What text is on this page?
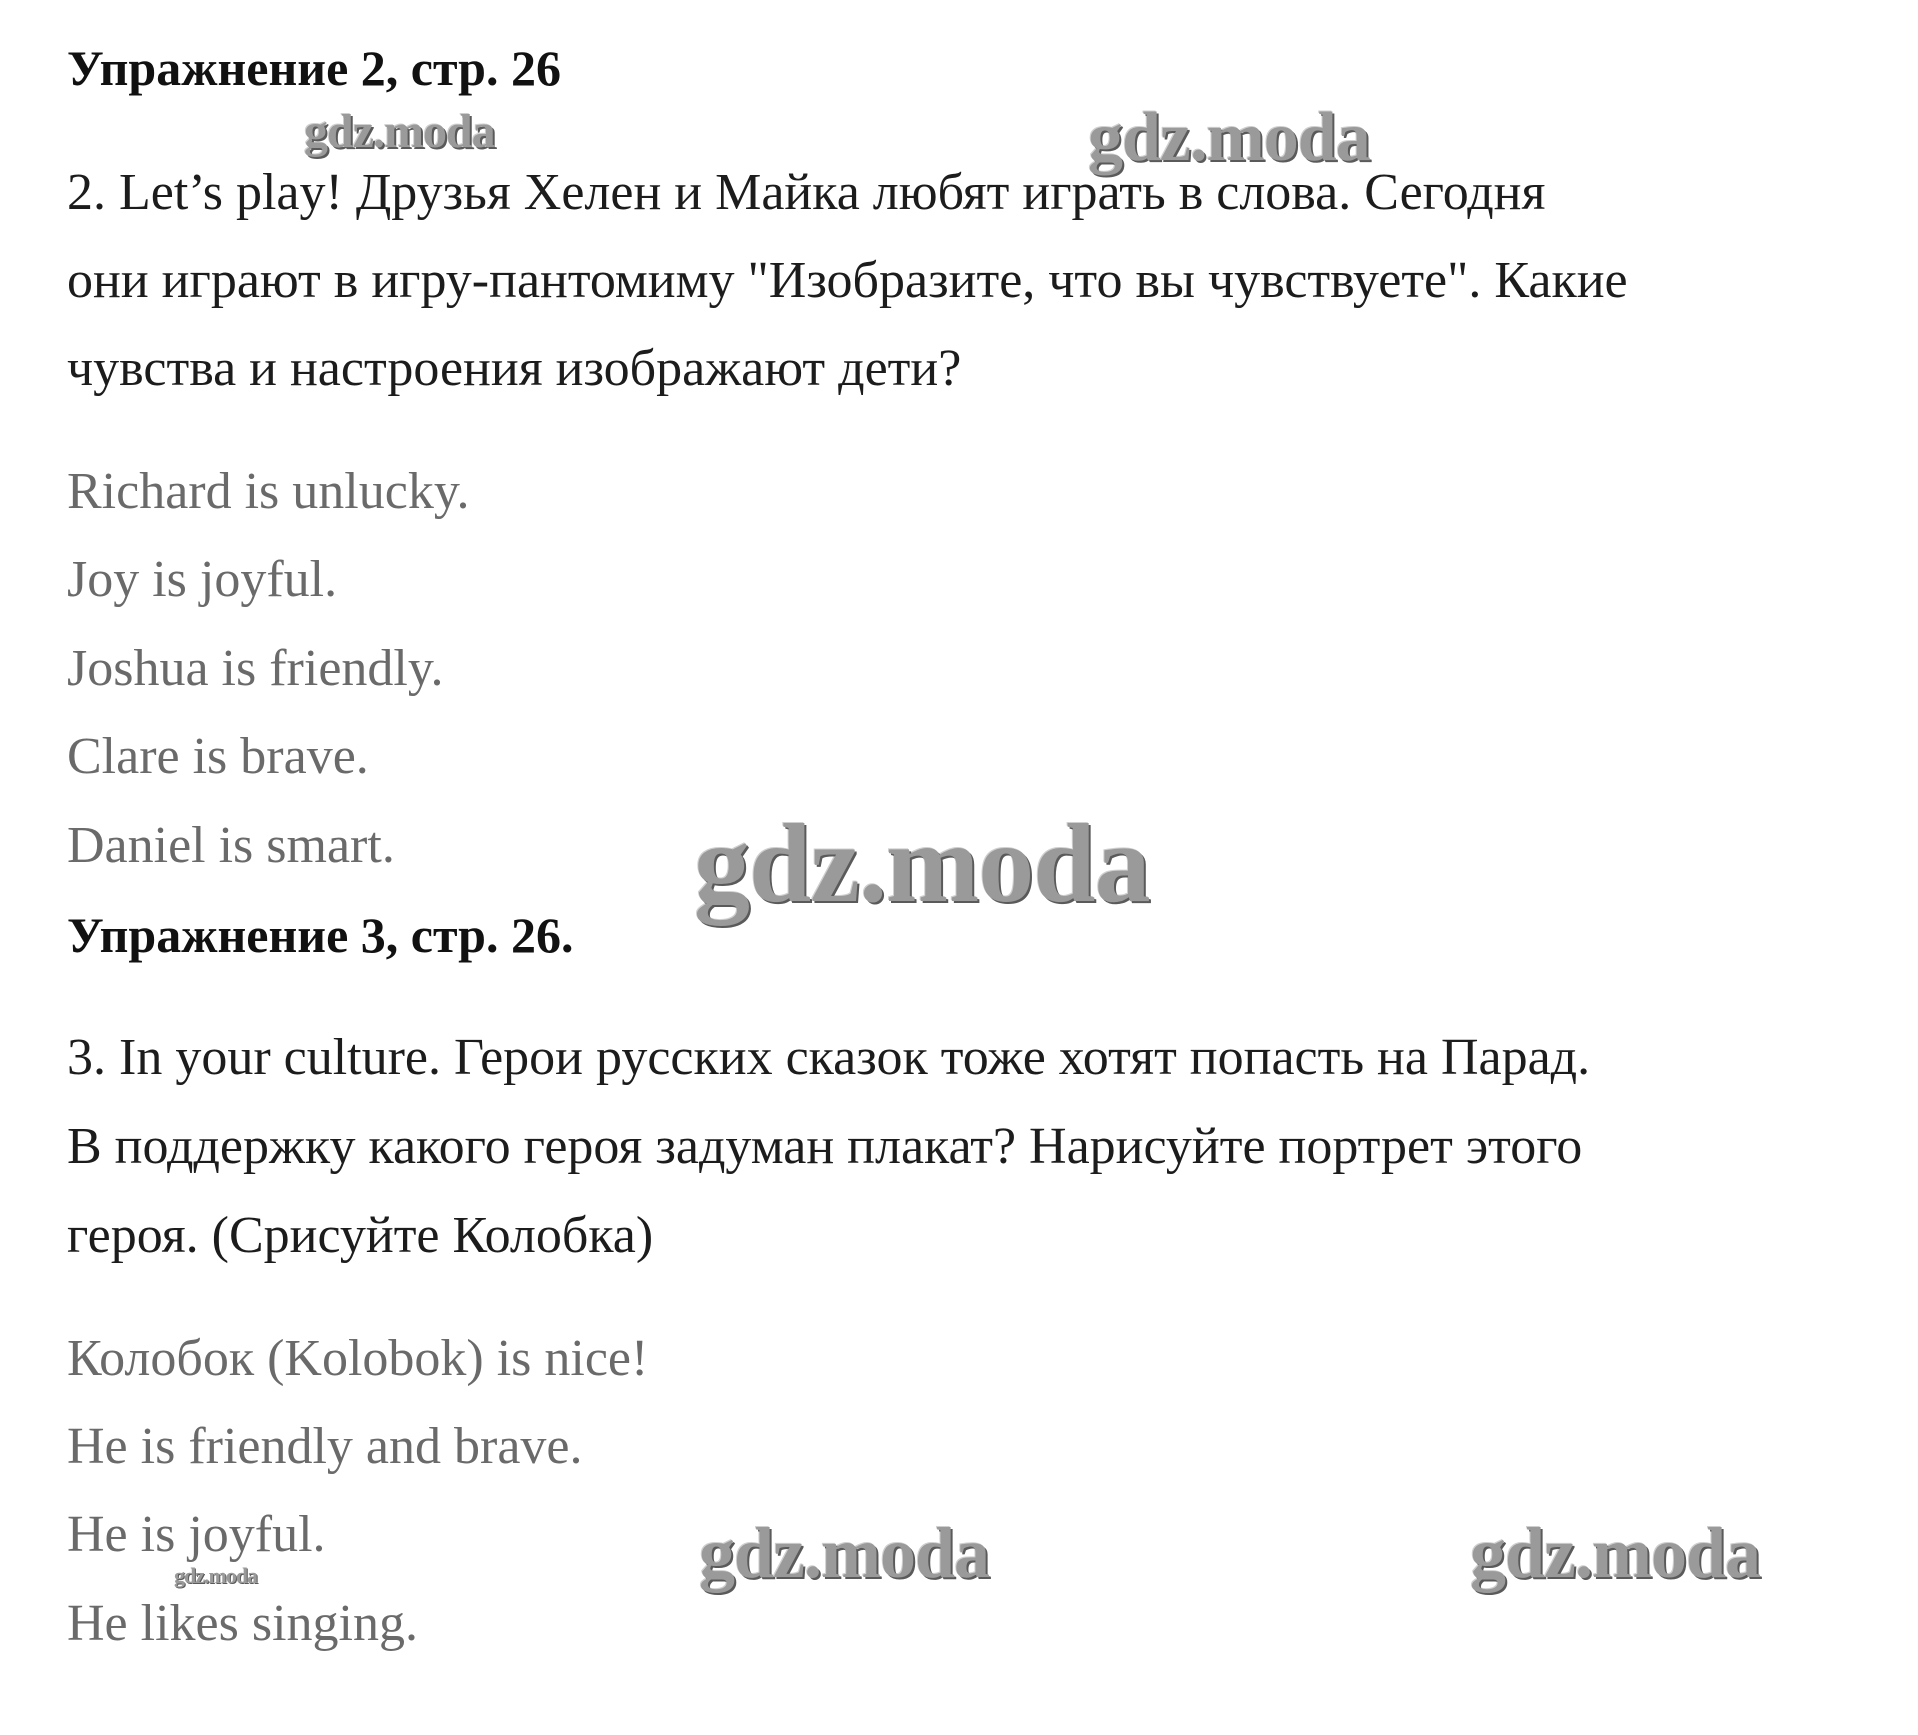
Упражнение 2, стр. 26
2. Let’s play! Друзья Хелен и Майка любят играть в слова. Сегодня
они играют в игру-пантомиму "Изобразите, что вы чувствуете". Какие
чувства и настроения изображают дети?
Richard is unlucky.
Joy is joyful.
Joshua is friendly.
Clare is brave.
Daniel is smart.
Упражнение 3, стр. 26.
3. In your culture. Герои русских сказок тоже хотят попасть на Парад.
В поддержку какого героя задуман плакат? Нарисуйте портрет этого
героя. (Срисуйте Колобка)
Колобок (Kolobok) is nice!
He is friendly and brave.
He is joyful.
He likes singing.
gdz.moda	gdz.moda
gdz.moda
gdz.moda	gdz.moda
gdz.moda
